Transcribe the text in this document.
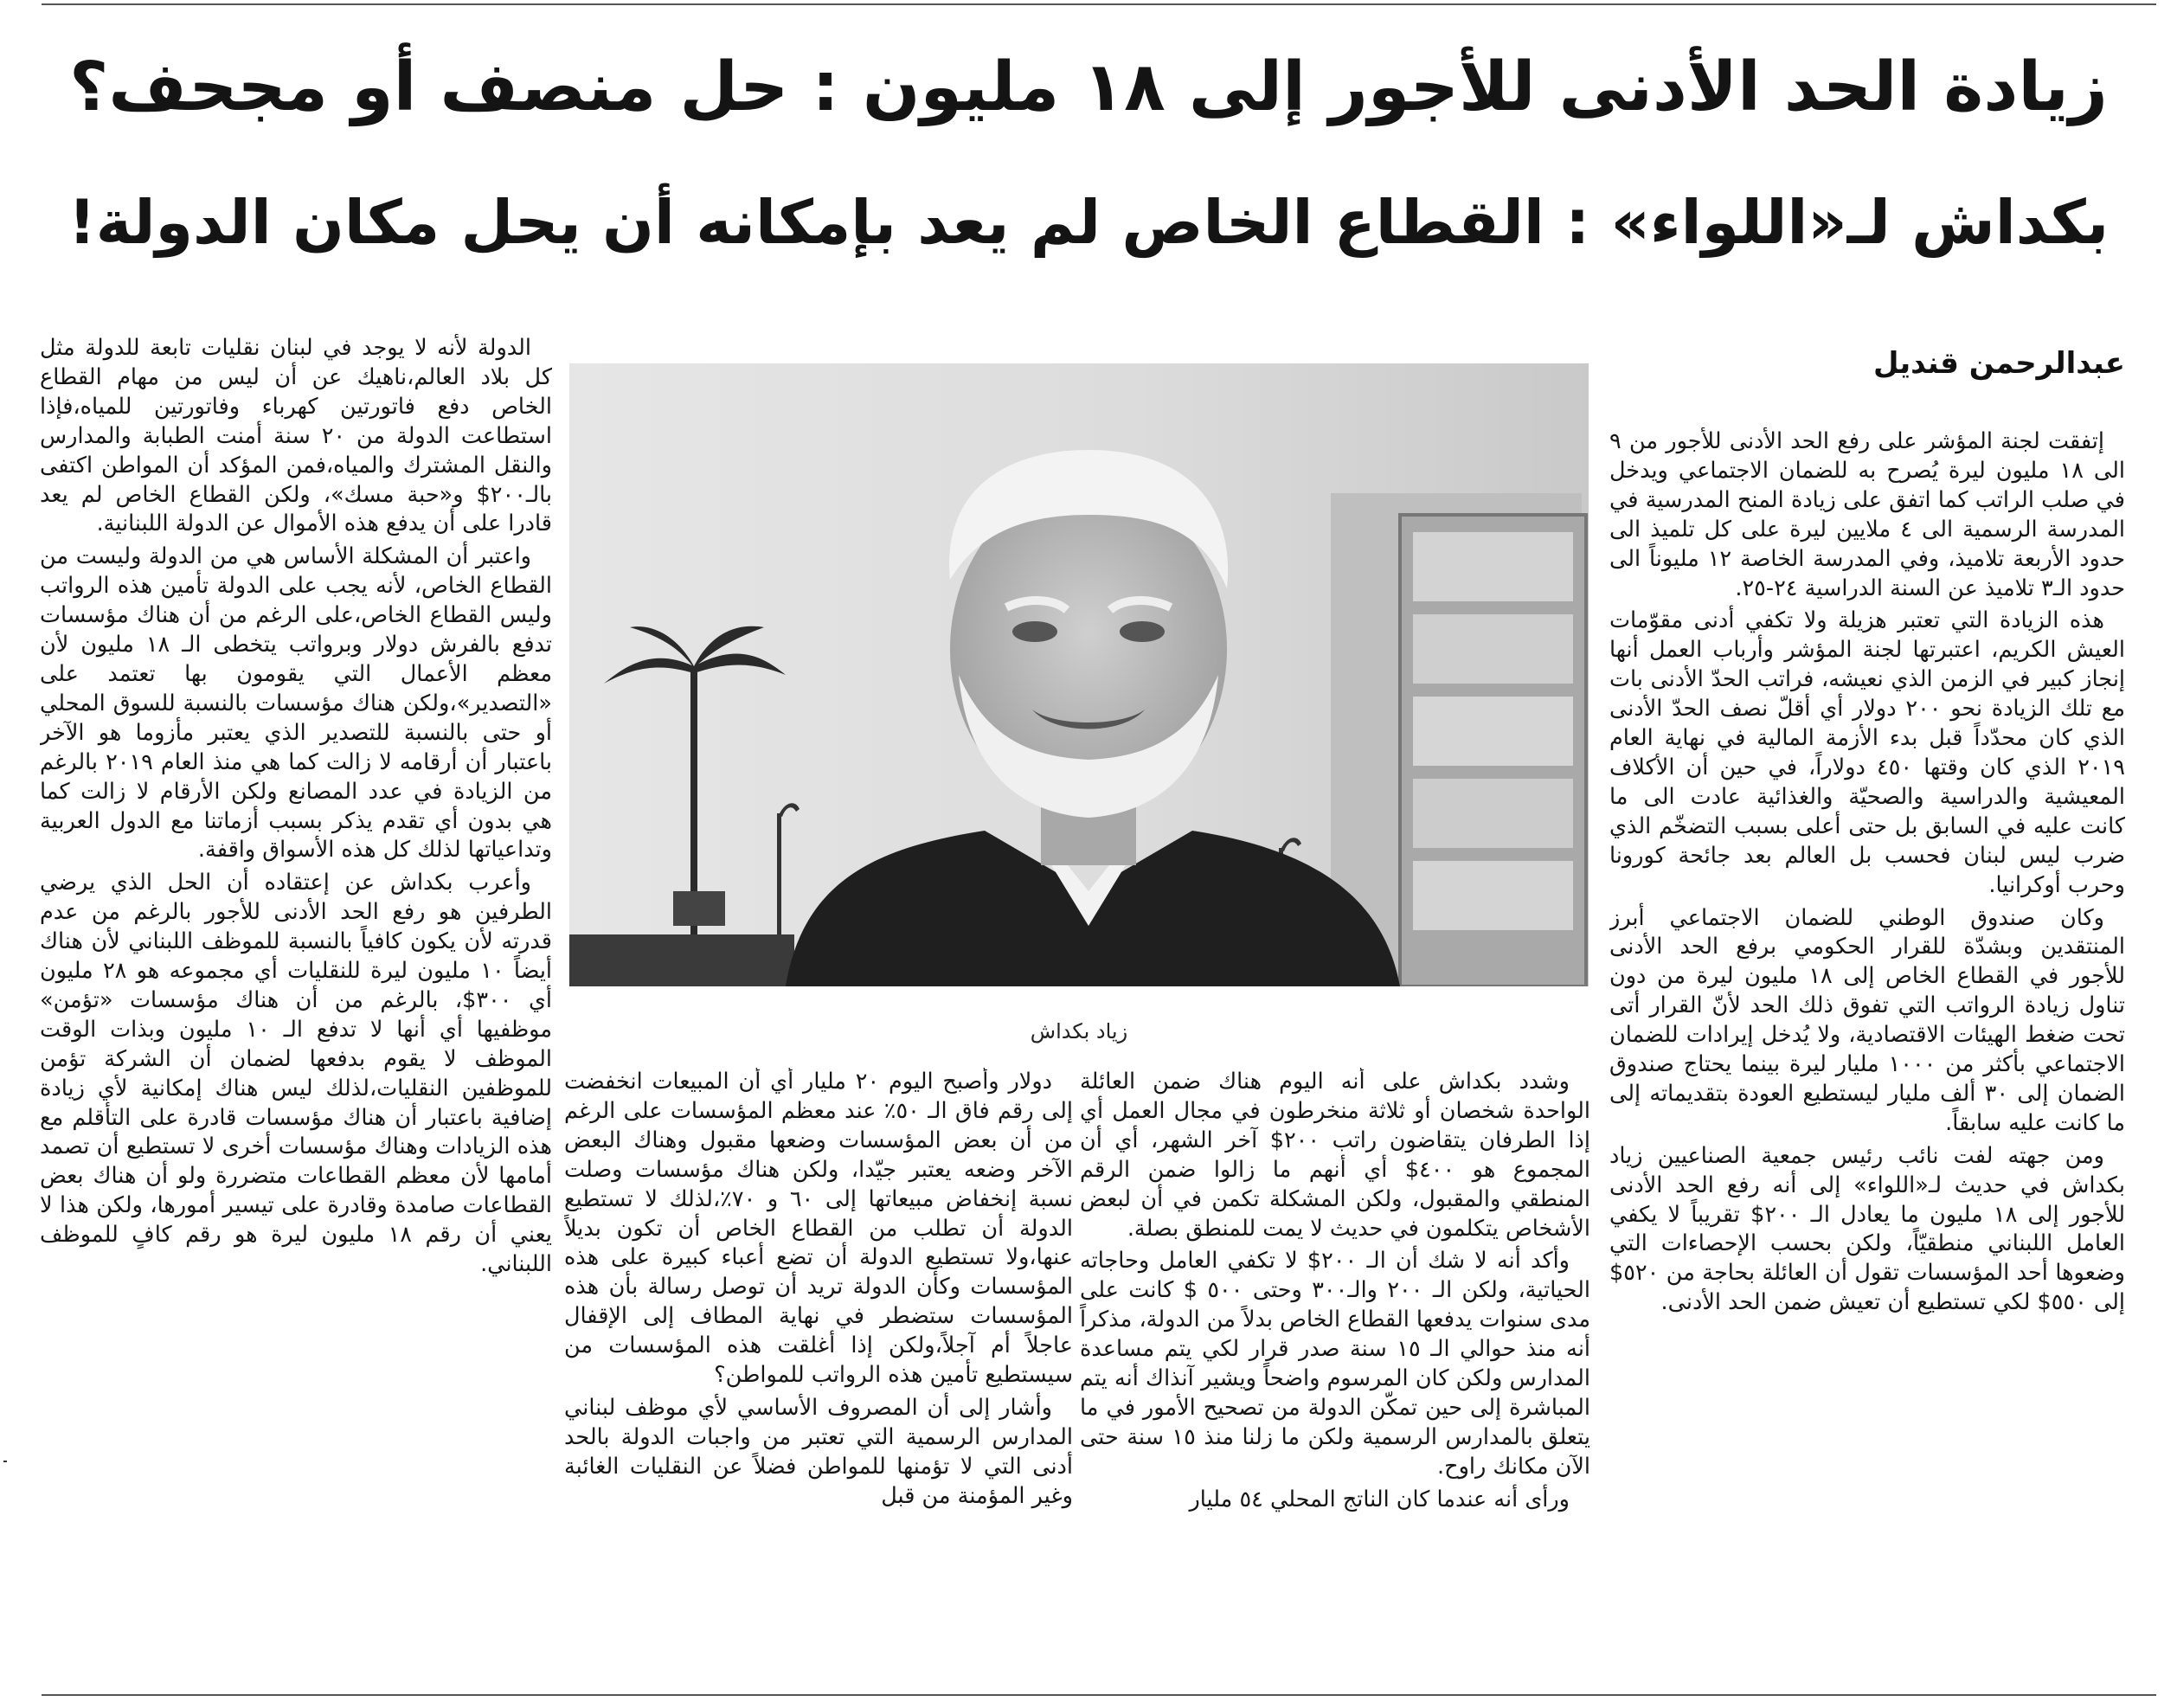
زيادة الحد الأدنى للأجور إلى ١٨ مليون : حل منصف أو مجحف؟
بكداش لـ«اللواء» : القطاع الخاص لم يعد بإمكانه أن يحل مكان الدولة!
عبدالرحمن قنديل

إتفقت لجنة المؤشر على رفع الحد الأدنى للأجور من ٩ الى ١٨ مليون ليرة يُصرح به للضمان الاجتماعي ويدخل في صلب الراتب كما اتفق على زيادة المنح المدرسية في المدرسة الرسمية الى ٤ ملايين ليرة على كل تلميذ الى حدود الأربعة تلاميذ، وفي المدرسة الخاصة ١٢ مليوناً الى حدود الـ٣ تلاميذ عن السنة الدراسية ٢٤-٢٥.

هذه الزيادة التي تعتبر هزيلة ولا تكفي أدنى مقوّمات العيش الكريم، اعتبرتها لجنة المؤشر وأرباب العمل أنها إنجاز كبير في الزمن الذي نعيشه، فراتب الحدّ الأدنى بات مع تلك الزيادة نحو ٢٠٠ دولار أي أقلّ نصف الحدّ الأدنى الذي كان محدّداً قبل بدء الأزمة المالية في نهاية العام ٢٠١٩ الذي كان وقتها ٤٥٠ دولاراً، في حين أن الأكلاف المعيشية والدراسية والصحيّة والغذائية عادت الى ما كانت عليه في السابق بل حتى أعلى بسبب التضخّم الذي ضرب ليس لبنان فحسب بل العالم بعد جائحة كورونا وحرب أوكرانيا.

وكان صندوق الوطني للضمان الاجتماعي أبرز المنتقدين وبشدّة للقرار الحكومي برفع الحد الأدنى للأجور في القطاع الخاص إلى ١٨ مليون ليرة من دون تناول زيادة الرواتب التي تفوق ذلك الحد لأنّ القرار أتى تحت ضغط الهيئات الاقتصادية، ولا يُدخل إيرادات للضمان الاجتماعي بأكثر من ١٠٠٠ مليار ليرة بينما يحتاج صندوق الضمان إلى ٣٠ ألف مليار ليستطيع العودة بتقديماته إلى ما كانت عليه سابقاً.

ومن جهته لفت نائب رئيس جمعية الصناعيين زياد بكداش في حديث لـ«اللواء» إلى أنه رفع الحد الأدنى للأجور إلى ١٨ مليون ما يعادل الـ ٢٠٠$ تقريباً لا يكفي العامل اللبناني منطقيّاً، ولكن بحسب الإحصاءات التي وضعوها أحد المؤسسات تقول أن العائلة بحاجة من ٥٢٠$ إلى ٥٥٠$ لكي تستطيع أن تعيش ضمن الحد الأدنى.

زياد بكداش

وشدد بكداش على أنه اليوم هناك ضمن العائلة الواحدة شخصان أو ثلاثة منخرطون في مجال العمل أي إذا الطرفان يتقاضون راتب ٢٠٠$ آخر الشهر، أي أن المجموع هو ٤٠٠$ أي أنهم ما زالوا ضمن الرقم المنطقي والمقبول، ولكن المشكلة تكمن في أن لبعض الأشخاص يتكلمون في حديث لا يمت للمنطق بصلة.

وأكد أنه لا شك أن الـ ٢٠٠$ لا تكفي العامل وحاجاته الحياتية، ولكن الـ ٢٠٠ والـ٣٠٠ وحتى ٥٠٠ $ كانت على مدى سنوات يدفعها القطاع الخاص بدلاً من الدولة، مذكراً أنه منذ حوالي الـ ١٥ سنة صدر قرار لكي يتم مساعدة المدارس ولكن كان المرسوم واضحاً ويشير آنذاك أنه يتم المباشرة إلى حين تمكّن الدولة من تصحيح الأمور في ما يتعلق بالمدارس الرسمية ولكن ما زلنا منذ ١٥ سنة حتى الآن مكانك راوح.

ورأى أنه عندما كان الناتج المحلي ٥٤ مليار

دولار وأصبح اليوم ٢٠ مليار أي أن المبيعات انخفضت إلى رقم فاق الـ ٥٠٪ عند معظم المؤسسات على الرغم من أن بعض المؤسسات وضعها مقبول وهناك البعض الآخر وضعه يعتبر جيّدا، ولكن هناك مؤسسات وصلت نسبة إنخفاض مبيعاتها إلى ٦٠ و ٧٠٪،لذلك لا تستطيع الدولة أن تطلب من القطاع الخاص أن تكون بديلاً عنها،ولا تستطيع الدولة أن تضع أعباء كبيرة على هذه المؤسسات وكأن الدولة تريد أن توصل رسالة بأن هذه المؤسسات ستضطر في نهاية المطاف إلى الإقفال عاجلاً أم آجلاً،ولكن إذا أغلقت هذه المؤسسات من سيستطيع تأمين هذه الرواتب للمواطن؟

وأشار إلى أن المصروف الأساسي لأي موظف لبناني المدارس الرسمية التي تعتبر من واجبات الدولة بالحد أدنى التي لا تؤمنها للمواطن فضلاً عن النقليات الغائبة وغير المؤمنة من قبل

الدولة لأنه لا يوجد في لبنان نقليات تابعة للدولة مثل كل بلاد العالم،ناهيك عن أن ليس من مهام القطاع الخاص دفع فاتورتين كهرباء وفاتورتين للمياه،فإذا استطاعت الدولة من ٢٠ سنة أمنت الطبابة والمدارس والنقل المشترك والمياه،فمن المؤكد أن المواطن اكتفى بالـ٢٠٠$ و«حبة مسك»، ولكن القطاع الخاص لم يعد قادرا على أن يدفع هذه الأموال عن الدولة اللبنانية.

واعتبر أن المشكلة الأساس هي من الدولة وليست من القطاع الخاص، لأنه يجب على الدولة تأمين هذه الرواتب وليس القطاع الخاص،على الرغم من أن هناك مؤسسات تدفع بالفرش دولار وبرواتب يتخطى الـ ١٨ مليون لأن معظم الأعمال التي يقومون بها تعتمد على «التصدير»،ولكن هناك مؤسسات بالنسبة للسوق المحلي أو حتى بالنسبة للتصدير الذي يعتبر مأزوما هو الآخر باعتبار أن أرقامه لا زالت كما هي منذ العام ٢٠١٩ بالرغم من الزيادة في عدد المصانع ولكن الأرقام لا زالت كما هي بدون أي تقدم يذكر بسبب أزماتنا مع الدول العربية وتداعياتها لذلك كل هذه الأسواق واقفة.

وأعرب بكداش عن إعتقاده أن الحل الذي يرضي الطرفين هو رفع الحد الأدنى للأجور بالرغم من عدم قدرته لأن يكون كافياً بالنسبة للموظف اللبناني لأن هناك أيضاً ١٠ مليون ليرة للنقليات أي مجموعه هو ٢٨ مليون أي ٣٠٠$، بالرغم من أن هناك مؤسسات «تؤمن» موظفيها أي أنها لا تدفع الـ ١٠ مليون وبذات الوقت الموظف لا يقوم بدفعها لضمان أن الشركة تؤمن للموظفين النقليات،لذلك ليس هناك إمكانية لأي زيادة إضافية باعتبار أن هناك مؤسسات قادرة على التأقلم مع هذه الزيادات وهناك مؤسسات أخرى لا تستطيع أن تصمد أمامها لأن معظم القطاعات متضررة ولو أن هناك بعض القطاعات صامدة وقادرة على تيسير أمورها، ولكن هذا لا يعني أن رقم ١٨ مليون ليرة هو رقم كافٍ للموظف اللبناني.
